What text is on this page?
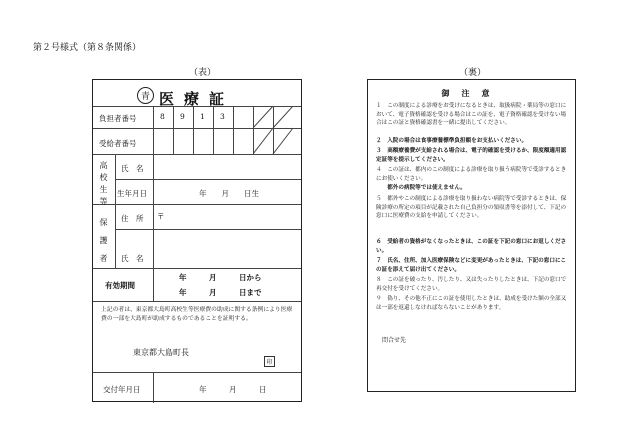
第２号様式（第８条関係）
（表）	（裏）
青 医療証
負担者番号	8 9 1 3
受給者番号
高校生等
氏　名
生年月日	年　　月　　日生
保護者
住　所 〒
氏　名
有効期間
年　　　月　　　日から
年　　　月　　　日まで
上記の者は、東京都大島町高校生等医療費の助成に関する条例により医療費の一部を大島町が助成するものであることを証明する。
東京都大島町長
印
交付年月日	年　　　月　　　日
御注意
１　この制度による診療をお受けになるときは、取扱病院・薬局等の窓口において、電子資格確認を受ける場合はこの証を、電子資格確認を受けない場合はこの証と資格確認書を一緒に提出してください。
２　入院の場合は食事療養標準負担額をお支払いください。
３　高額療養費が支給される場合は、電子的確認を受けるか、限度額適用認定証等を提示してください。
４　この証は、都内のこの制度による診療を取り扱う病院等で受診するときにお使いください。
　　都外の病院等では使えません。
５　都外やこの制度による診療を取り扱わない病院等で受診するときは、保険診療の所定の項目が記載された自己負担分の領収書等を添付して、下記の窓口に医療費の支給を申請してください。
６　受給者の資格がなくなったときは、この証を下記の窓口にお返しください。
７　氏名、住所、加入医療保険などに変更があったときは、下記の窓口にこの証を添えて届け出てください。
８　この証を破ったり、汚したり、又は失ったりしたときは、下記の窓口で再交付を受けてください。
９　偽り、その他不正にこの証を使用したときは、助成を受けた額の全部又は一部を返還しなければならないことがあります。
問合せ先
